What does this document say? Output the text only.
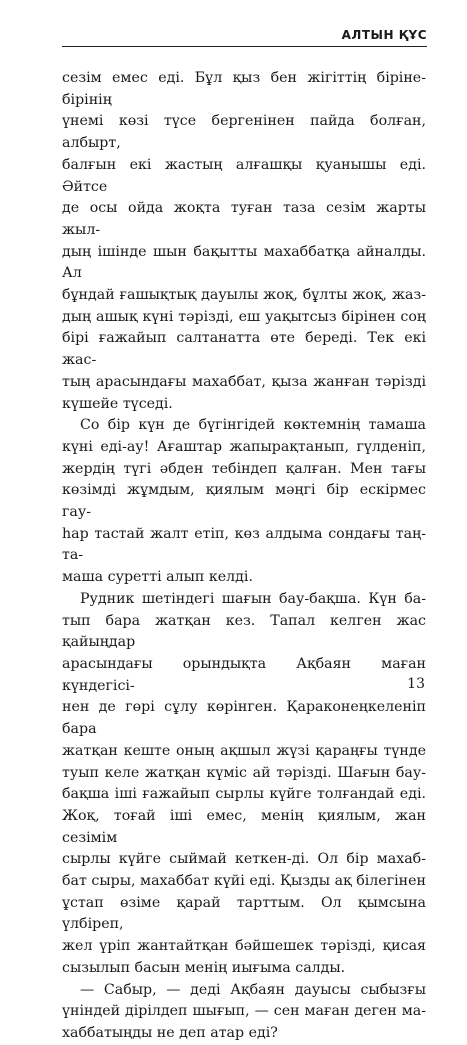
АЛТЫН ҚҰС

сезім емес еді. Бұл қыз бен жігіттің біріне-бірінің

үнемі көзі түсе бергенінен пайда болған, албырт,

балғын екі жастың алғашқы қуанышы еді. Әйтсе

де осы ойда жоқта туған таза сезім жарты жыл-

дың ішінде шын бақытты махаббатқа айналды. Ал

бұндай ғашықтық дауылы жоқ, бұлты жоқ, жаз-

дың ашық күні тәрізді, еш уақытсыз бірінен соң

бірі ғажайып салтанатта өте береді. Тек екі жас-

тың арасындағы махаббат, қыза жанған тәрізді

күшейе түседі.

Со бір күн де бүгінгідей көктемнің тамаша

күні еді-ау! Ағаштар жапырақтанып, гүлденіп,

жердің түгі әбден тебіндеп қалған. Мен тағы

көзімді жұмдым, қиялым мәңгі бір ескірмес гау-

һар тастай жалт етіп, көз алдыма сондағы таң-та-

маша суретті алып келді.

Рудник шетіндегі шағын бау-бақша. Күн ба-

тып бара жатқан кез. Тапал келген жас қайыңдар

арасындағы орындықта Ақбаян маған күндегісі-

нен де гөрі сұлу көрінген. Қараконеңкеленіп бара

жатқан кеште оның ақшыл жүзі қараңғы түнде

туып келе жатқан күміс ай тәрізді. Шағын бау-

бақша іші ғажайып сырлы күйге толғандай еді.

Жоқ, тоғай іші емес, менің қиялым, жан сезімім

сырлы күйге сыймай кеткен-ді. Ол бір махаб-

бат сыры, махаббат күйі еді. Қызды ақ білегінен

ұстап өзіме қарай тарттым. Ол қымсына үлбіреп,

жел үріп жантайтқан бәйшешек тәрізді, қисая

сызылып басын менің иығыма салды.

— Сабыр, — деді Ақбаян дауысы сыбызғы

үніндей дірілдеп шығып, — сен маған деген ма-

хаббатыңды не деп атар еді?

13
